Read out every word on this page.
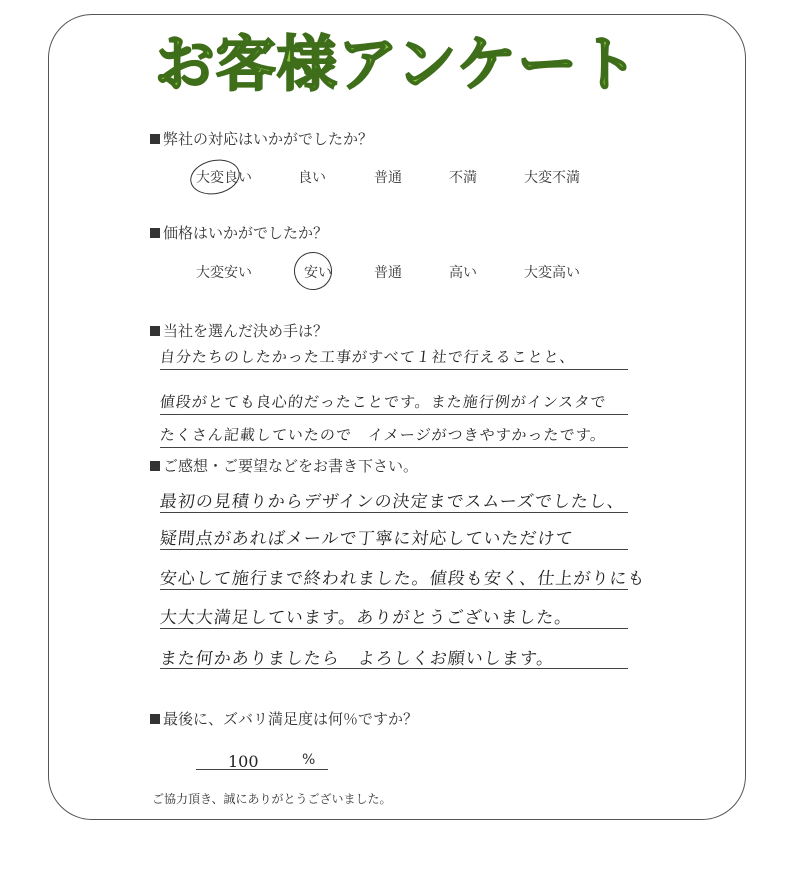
お客様アンケート
弊社の対応はいかがでしたか？
大変良い	良い	普通	不満	大変不満
価格はいかがでしたか？
大変安い	安い	普通	高い	大変高い
当社を選んだ決め手は？
自分たちのしたかった工事がすべて１社で行えることと、
値段がとても良心的だったことです。また施行例がインスタで
たくさん記載していたので　イメージがつきやすかったです。
ご感想・ご要望などをお書き下さい。
最初の見積りからデザインの決定までスムーズでしたし、
疑問点があればメールで丁寧に対応していただけて
安心して施行まで終われました。値段も安く、仕上がりにも
大大大満足しています。ありがとうございました。
また何かありましたら　よろしくお願いします。
最後に、ズバリ満足度は何％ですか？
100	%
ご協力頂き、誠にありがとうございました。
